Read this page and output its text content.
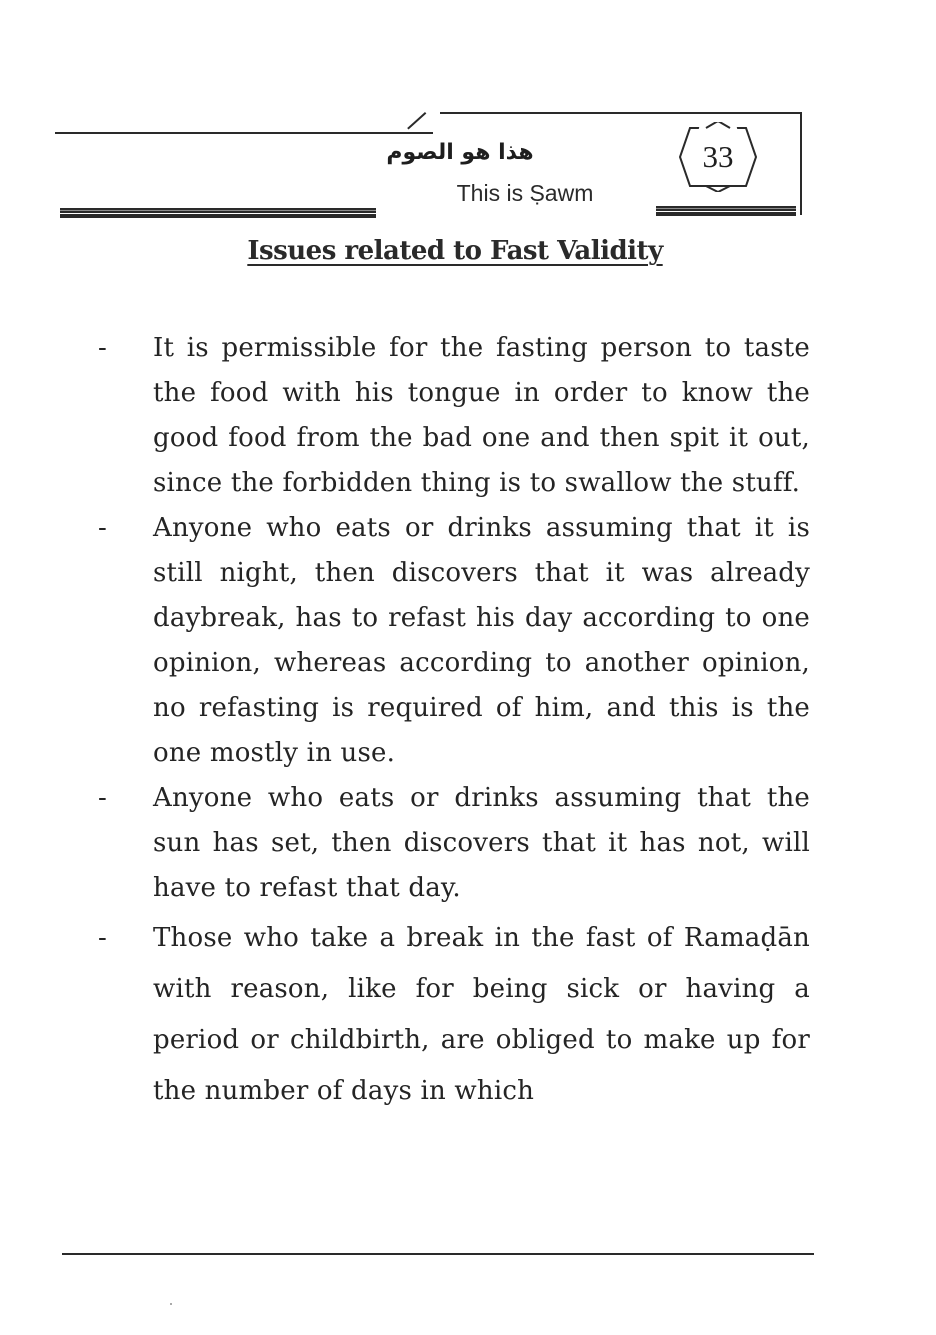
هذا هو الصوم
This is Ṣawm
33
Issues related to Fast Validity
-	It is permissible for the fasting person to taste the food with his tongue in order to know the good food from the bad one and then spit it out, since the forbidden thing is to swallow the stuff.
-	Anyone who eats or drinks assuming that it is still night, then discovers that it was already daybreak, has to refast his day according to one opinion, whereas according to another opinion, no refasting is required of him, and this is the one mostly in use.
-	Anyone who eats or drinks assuming that the sun has set, then discovers that it has not, will have to refast that day.
-	Those who take a break in the fast of Ramaḍān with reason, like for being sick or having a period or childbirth, are obliged to make up for the number of days in which
